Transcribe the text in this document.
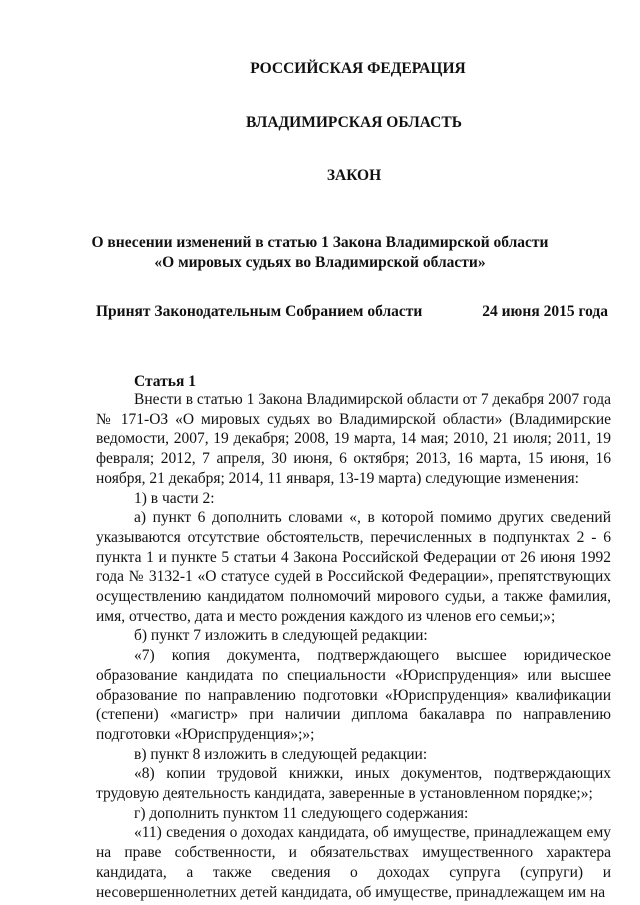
РОССИЙСКАЯ ФЕДЕРАЦИЯ
ВЛАДИМИРСКАЯ ОБЛАСТЬ
ЗАКОН
О внесении изменений в статью 1 Закона Владимирской области
«О мировых судьях во Владимирской области»
Принят Законодательным Собранием области	24 июня 2015 года
Статья 1

Внести в статью 1 Закона Владимирской области от 7 декабря 2007 года № 171-ОЗ «О мировых судьях во Владимирской области» (Владимирские ведомости, 2007, 19 декабря; 2008, 19 марта, 14 мая; 2010, 21 июля; 2011, 19 февраля; 2012, 7 апреля, 30 июня, 6 октября; 2013, 16 марта, 15 июня, 16 ноября, 21 декабря; 2014, 11 января, 13-19 марта) следующие изменения:

1) в части 2:

а) пункт 6 дополнить словами «, в которой помимо других сведений указываются отсутствие обстоятельств, перечисленных в подпунктах 2 - 6 пункта 1 и пункте 5 статьи 4 Закона Российской Федерации от 26 июня 1992 года № 3132-1 «О статусе судей в Российской Федерации», препятствующих осуществлению кандидатом полномочий мирового судьи, а также фамилия, имя, отчество, дата и место рождения каждого из членов его семьи;»;

б) пункт 7 изложить в следующей редакции:

«7) копия документа, подтверждающего высшее юридическое образование кандидата по специальности «Юриспруденция» или высшее образование по направлению подготовки «Юриспруденция» квалификации (степени) «магистр» при наличии диплома бакалавра по направлению подготовки «Юриспруденция»;»;

в) пункт 8 изложить в следующей редакции:

«8) копии трудовой книжки, иных документов, подтверждающих трудовую деятельность кандидата, заверенные в установленном порядке;»;

г) дополнить пунктом 11 следующего содержания:

«11) сведения о доходах кандидата, об имуществе, принадлежащем ему на праве собственности, и обязательствах имущественного характера кандидата, а также сведения о доходах супруга (супруги) и несовершеннолетних детей кандидата, об имуществе, принадлежащем им на
